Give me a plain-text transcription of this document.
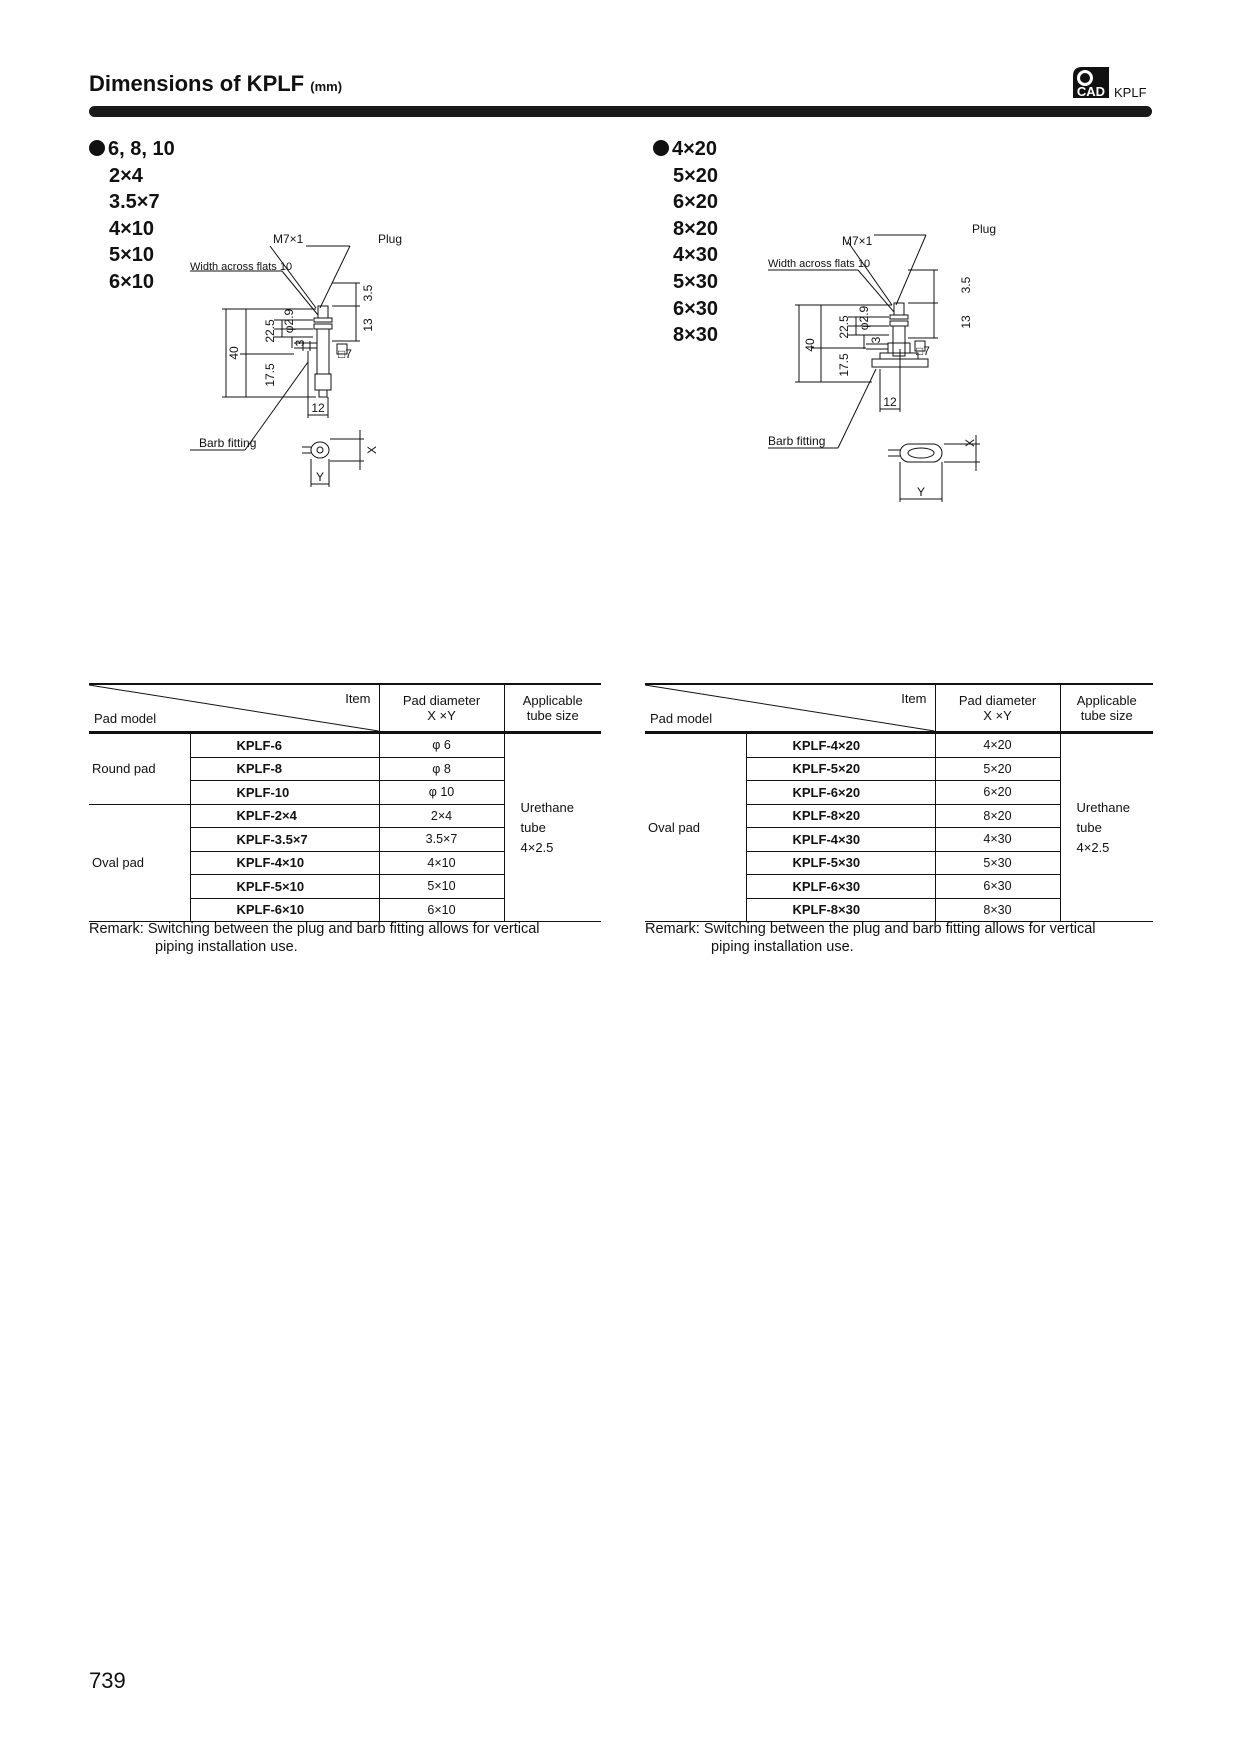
Dimensions of KPLF (mm)	CAD KPLF
6, 8, 10
2×4
3.5×7
4×10
5×10
6×10
M7×1
Width across flats 10
Plug
Barb fitting
40
22.5
17.5
φ2.9
3
3.5
13
□7
12
X
Y
4×20
5×20
6×20
8×20
4×30
5×30
6×30
8×30
M7×1
Width across flats 10
Plug
Barb fitting
40
22.5
17.5
φ2.9
3
3.5
13
□7
12
X
Y
Item
Pad model		Pad diameter
X ×Y	Applicable
tube size
Round pad	KPLF-6	φ 6	Urethane
tube
4×2.5
	KPLF-8	φ 8	
	KPLF-10	φ 10	
Oval pad	KPLF-2×4	2×4	
	KPLF-3.5×7	3.5×7	
	KPLF-4×10	4×10	
	KPLF-5×10	5×10	
	KPLF-6×10	6×10	
Remark: Switching between the plug and barb fitting allows for vertical
piping installation use.
Item
Pad model		Pad diameter
X ×Y	Applicable
tube size
Oval pad	KPLF-4×20	4×20	Urethane
tube
4×2.5
	KPLF-5×20	5×20	
	KPLF-6×20	6×20	
	KPLF-8×20	8×20	
	KPLF-4×30	4×30	
	KPLF-5×30	5×30	
	KPLF-6×30	6×30	
	KPLF-8×30	8×30	
Remark: Switching between the plug and barb fitting allows for vertical
piping installation use.
739
